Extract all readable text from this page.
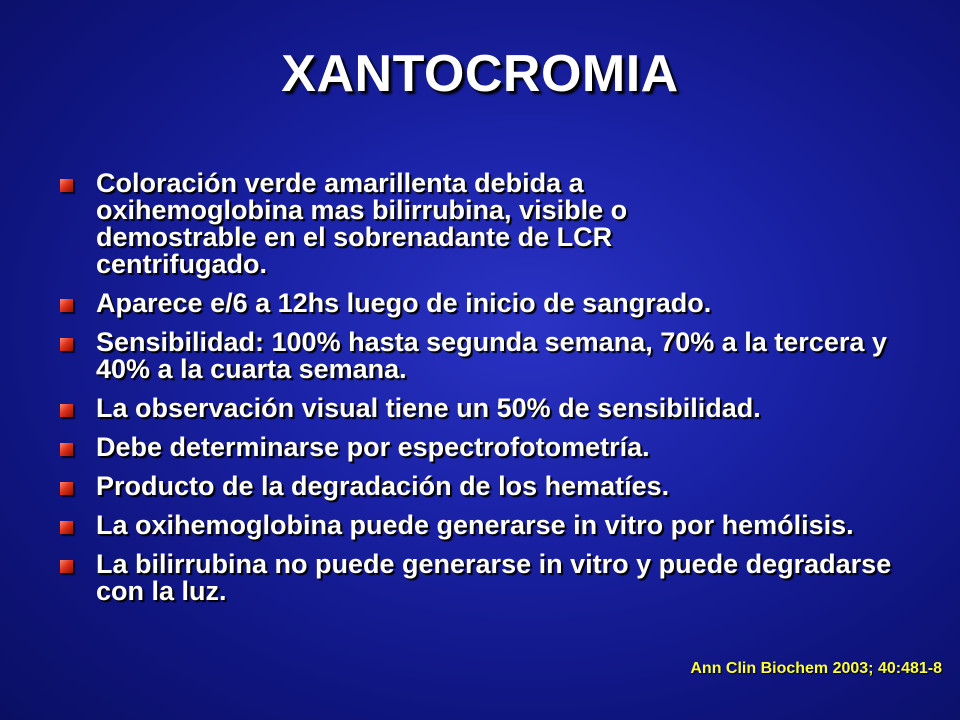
XANTOCROMIA
Coloración verde amarillenta debida a oxihemoglobina mas bilirrubina, visible o demostrable en el sobrenadante de LCR centrifugado.
Aparece e/6 a 12hs luego de inicio de sangrado.
Sensibilidad: 100% hasta segunda semana, 70% a la tercera y 40% a la cuarta semana.
La observación visual tiene un 50% de sensibilidad.
Debe determinarse por espectrofotometría.
Producto de la degradación de los hematíes.
La oxihemoglobina puede generarse in vitro por hemólisis.
La bilirrubina no puede generarse in vitro y puede degradarse con la luz.
Ann Clin Biochem 2003; 40:481-8
